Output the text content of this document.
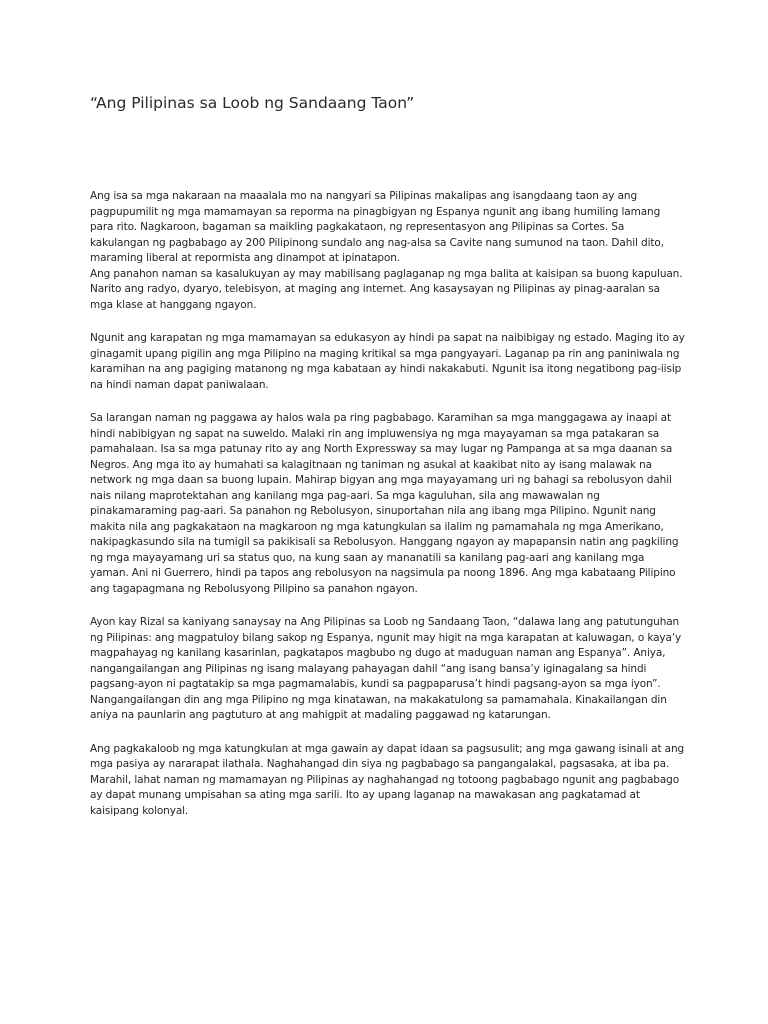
“Ang Pilipinas sa Loob ng Sandaang Taon”

Ang isa sa mga nakaraan na maaalala mo na nangyari sa Pilipinas makalipas ang isangdaang taon ay ang pagpupumilit ng mga mamamayan sa reporma na pinagbigyan ng Espanya ngunit ang ibang humiling lamang para rito. Nagkaroon, bagaman sa maikling pagkakataon, ng representasyon ang Pilipinas sa Cortes. Sa kakulangan ng pagbabago ay 200 Pilipinong sundalo ang nag-alsa sa Cavite nang sumunod na taon. Dahil dito, maraming liberal at repormista ang dinampot at ipinatapon.

Ang panahon naman sa kasalukuyan ay may mabilisang paglaganap ng mga balita at kaisipan sa buong kapuluan. Narito ang radyo, dyaryo, telebisyon, at maging ang internet. Ang kasaysayan ng Pilipinas ay pinag-aaralan sa mga klase at hanggang ngayon.

Ngunit ang karapatan ng mga mamamayan sa edukasyon ay hindi pa sapat na naibibigay ng estado. Maging ito ay ginagamit upang pigilin ang mga Pilipino na maging kritikal sa mga pangyayari. Laganap pa rin ang paniniwala ng karamihan na ang pagiging matanong ng mga kabataan ay hindi nakakabuti. Ngunit isa itong negatibong pag-iisip na hindi naman dapat paniwalaan.

Sa larangan naman ng paggawa ay halos wala pa ring pagbabago. Karamihan sa mga manggagawa ay inaapi at hindi nabibigyan ng sapat na suweldo. Malaki rin ang impluwensiya ng mga mayayaman sa mga patakaran sa pamahalaan. Isa sa mga patunay rito ay ang North Expressway sa may lugar ng Pampanga at sa mga daanan sa Negros. Ang mga ito ay humahati sa kalagitnaan ng taniman ng asukal at kaakibat nito ay isang malawak na network ng mga daan sa buong lupain. Mahirap bigyan ang mga mayayamang uri ng bahagi sa rebolusyon dahil nais nilang maprotektahan ang kanilang mga pag-aari. Sa mga kaguluhan, sila ang mawawalan ng pinakamaraming pag-aari. Sa panahon ng Rebolusyon, sinuportahan nila ang ibang mga Pilipino. Ngunit nang makita nila ang pagkakataon na magkaroon ng mga katungkulan sa ilalim ng pamamahala ng mga Amerikano, nakipagkasundo sila na tumigil sa pakikisali sa Rebolusyon. Hanggang ngayon ay mapapansin natin ang pagkiling ng mga mayayamang uri sa status quo, na kung saan ay mananatili sa kanilang pag-aari ang kanilang mga yaman. Ani ni Guerrero, hindi pa tapos ang rebolusyon na nagsimula pa noong 1896. Ang mga kabataang Pilipino ang tagapagmana ng Rebolusyong Pilipino sa panahon ngayon.

Ayon kay Rizal sa kaniyang sanaysay na Ang Pilipinas sa Loob ng Sandaang Taon, “dalawa lang ang patutunguhan ng Pilipinas: ang magpatuloy bilang sakop ng Espanya, ngunit may higit na mga karapatan at kaluwagan, o kaya’y magpahayag ng kanilang kasarinlan, pagkatapos magbubo ng dugo at maduguan naman ang Espanya”. Aniya, nangangailangan ang Pilipinas ng isang malayang pahayagan dahil “ang isang bansa’y iginagalang sa hindi pagsang-ayon ni pagtatakip sa mga pagmamalabis, kundi sa pagpaparusa’t hindi pagsang-ayon sa mga iyon”. Nangangailangan din ang mga Pilipino ng mga kinatawan, na makakatulong sa pamamahala. Kinakailangan din aniya na paunlarin ang pagtuturo at ang mahigpit at madaling paggawad ng katarungan.

Ang pagkakaloob ng mga katungkulan at mga gawain ay dapat idaan sa pagsusulit; ang mga gawang isinali at ang mga pasiya ay nararapat ilathala. Naghahangad din siya ng pagbabago sa pangangalakal, pagsasaka, at iba pa. Marahil, lahat naman ng mamamayan ng Pilipinas ay naghahangad ng totoong pagbabago ngunit ang pagbabago ay dapat munang umpisahan sa ating mga sarili. Ito ay upang laganap na mawakasan ang pagkatamad at kaisipang kolonyal.
